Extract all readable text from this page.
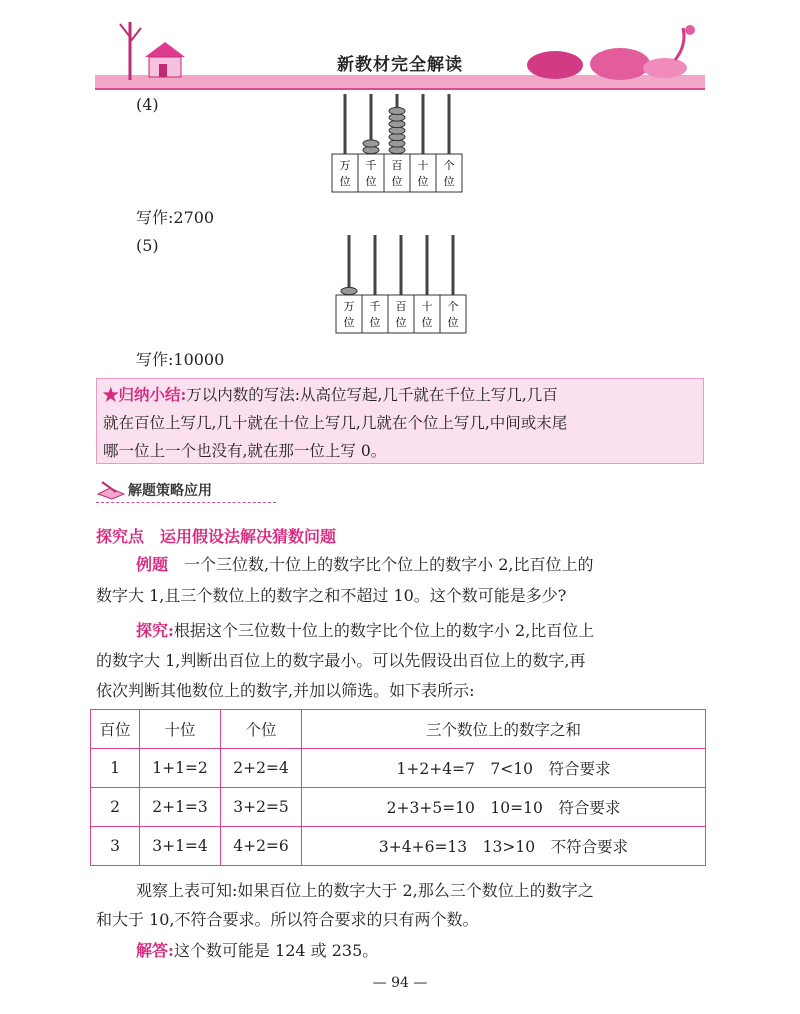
新教材完全解读
(4)
万
位
千
位
百
位
十
位
个
位
写作:2700
(5)
万
位
千
位
百
位
十
位
个
位
写作:10000
★归纳小结:万以内数的写法:从高位写起,几千就在千位上写几,几百
就在百位上写几,几十就在十位上写几,几就在个位上写几,中间或末尾
哪一位上一个也没有,就在那一位上写 0。
解题策略应用
探究点　运用假设法解决猜数问题
例题　 一个三位数,十位上的数字比个位上的数字小 2,比百位上的
数字大 1,且三个数位上的数字之和不超过 10。这个数可能是多少?
探究:根据这个三位数十位上的数字比个位上的数字小 2,比百位上
的数字大 1,判断出百位上的数字最小。可以先假设出百位上的数字,再
依次判断其他数位上的数字,并加以筛选。如下表所示:
百位	十位	个位	三个数位上的数字之和
1	1+1=2	2+2=4	1+2+4=7　7<10　符合要求
2	2+1=3	3+2=5	2+3+5=10　10=10　符合要求
3	3+1=4	4+2=6	3+4+6=13　13>10　不符合要求
观察上表可知:如果百位上的数字大于 2,那么三个数位上的数字之
和大于 10,不符合要求。所以符合要求的只有两个数。
解答:这个数可能是 124 或 235。
— 94 —
